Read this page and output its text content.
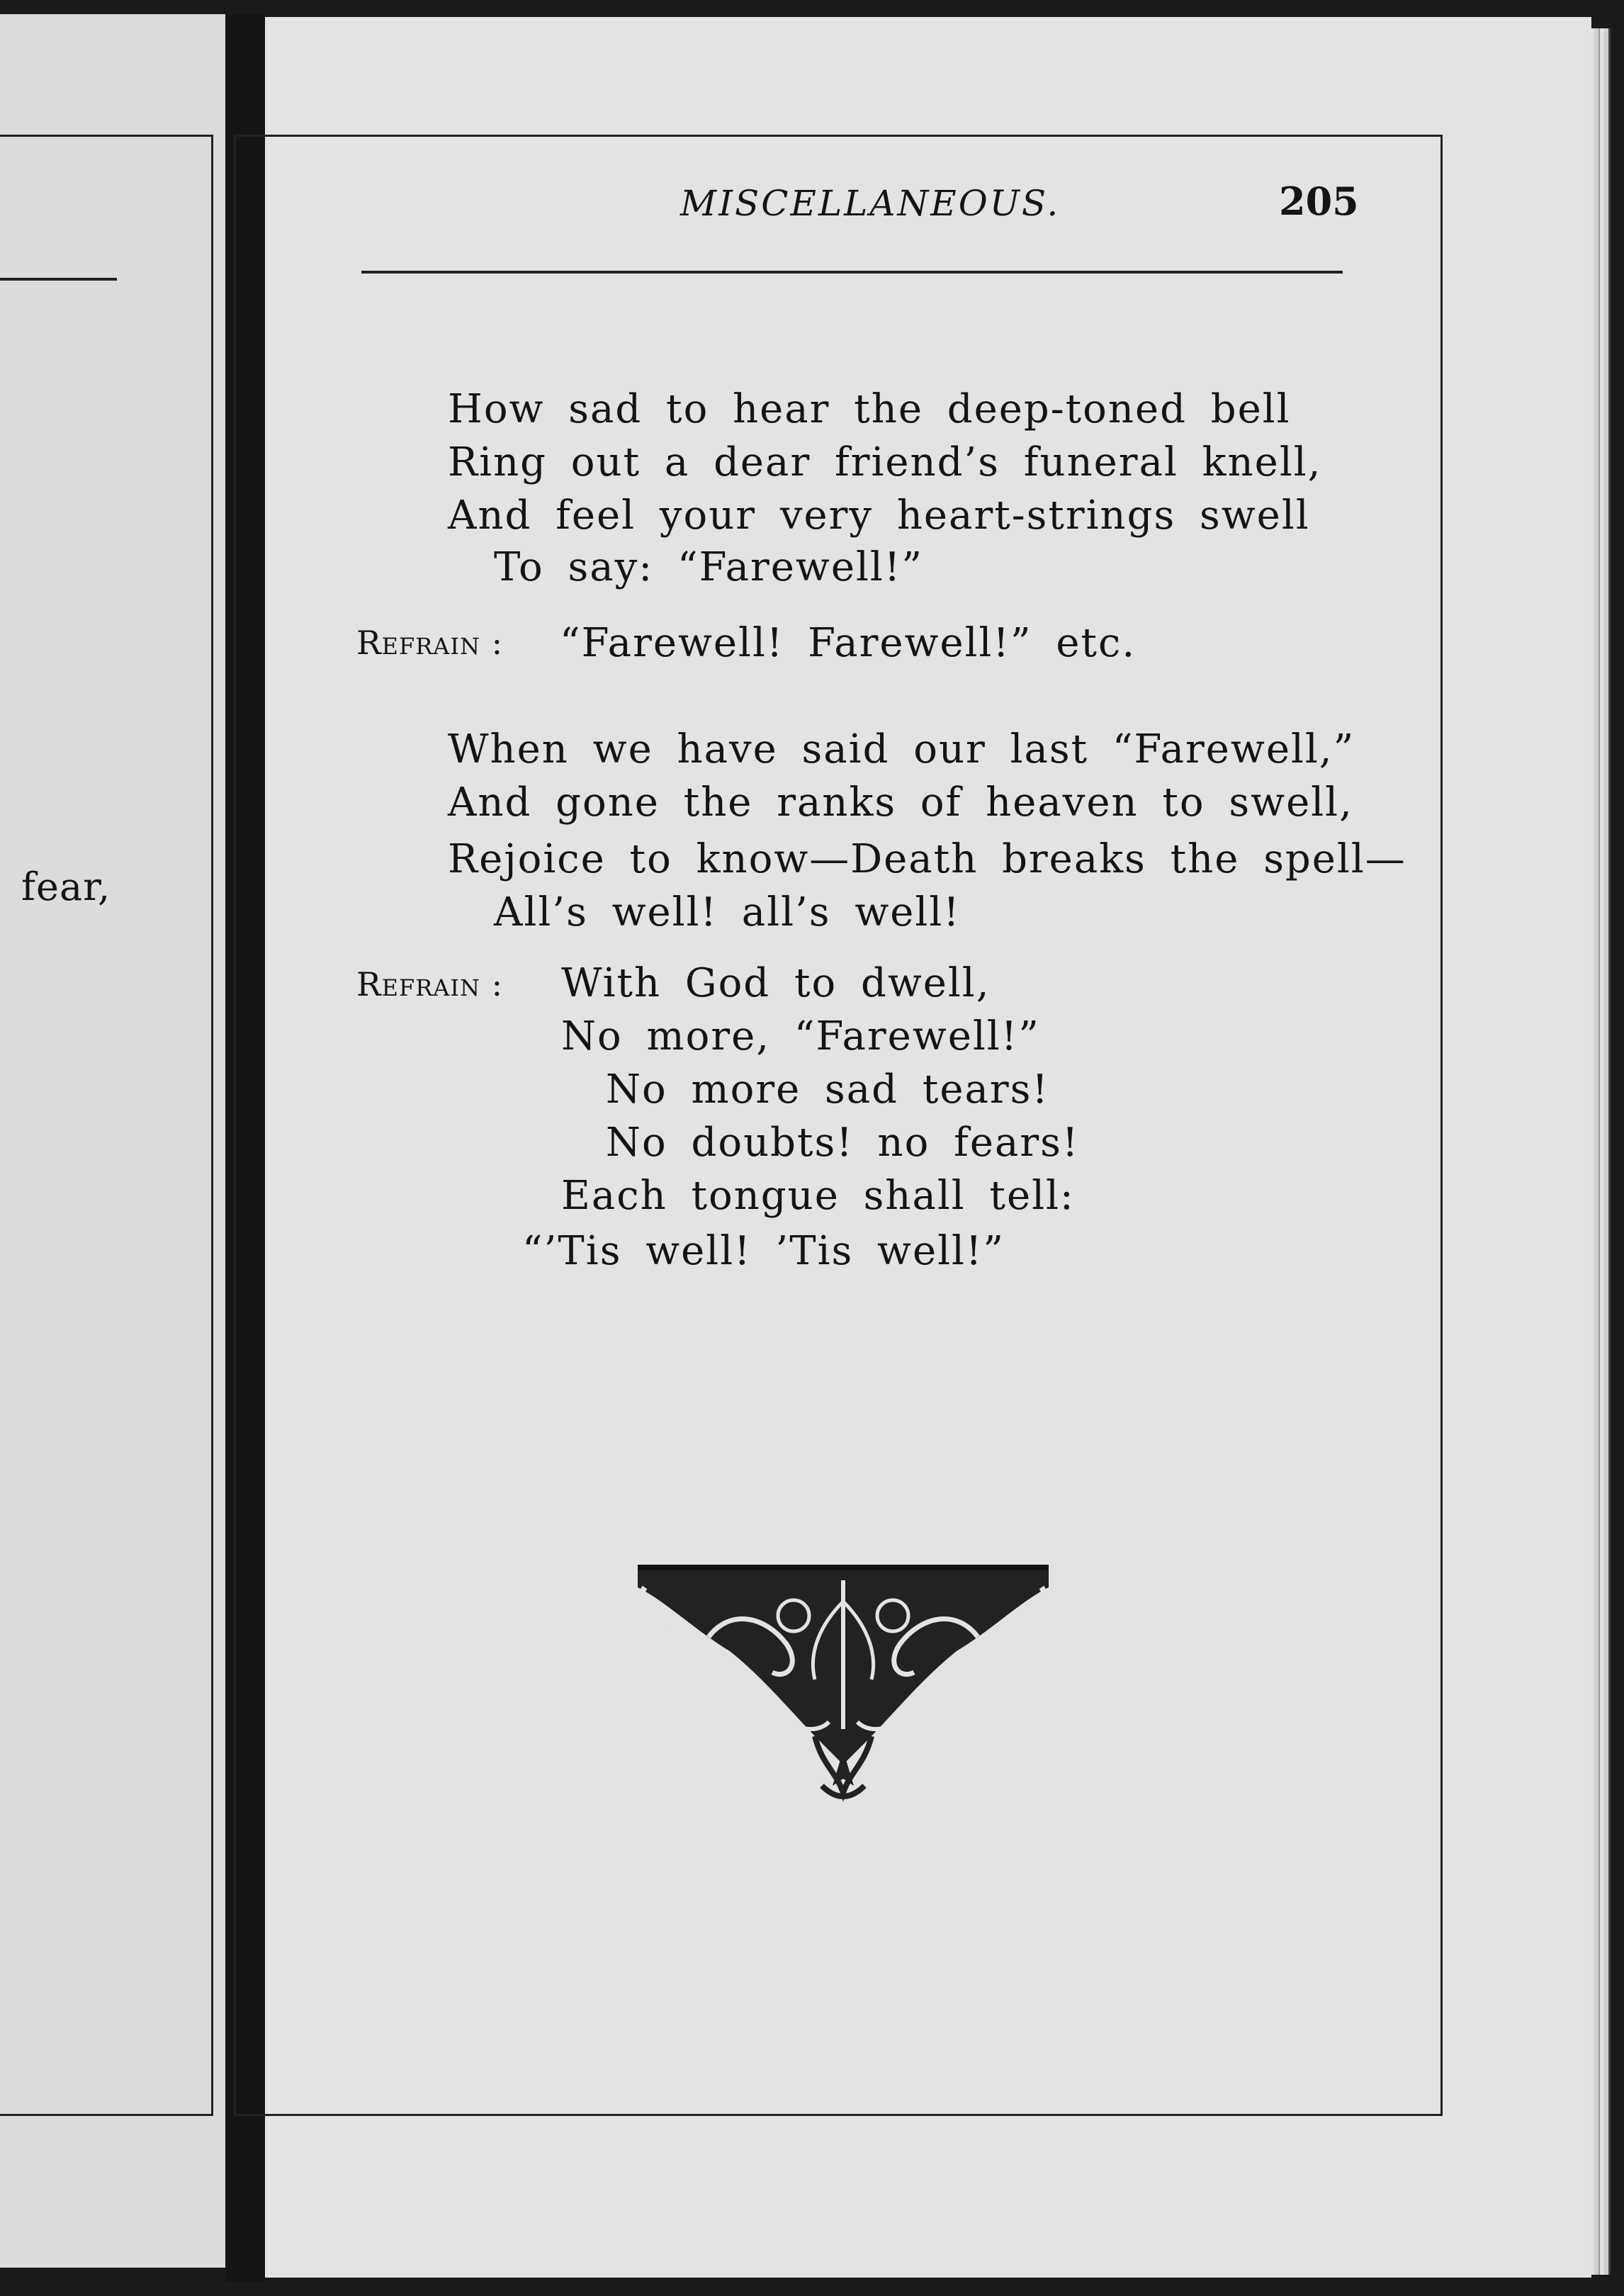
fear,
MISCELLANEOUS.	205
How sad to hear the deep-toned bell
Ring out a dear friend’s funeral knell,
And feel your very heart-strings swell
To say: “Farewell!”
Refrain : “Farewell! Farewell!” etc.
When we have said our last “Farewell,”
And gone the ranks of heaven to swell,
Rejoice to know—Death breaks the spell—
All’s well! all’s well!
Refrain : With God to dwell,
No more, “Farewell!”
No more sad tears!
No doubts! no fears!
Each tongue shall tell:
“’Tis well! ’Tis well!”
